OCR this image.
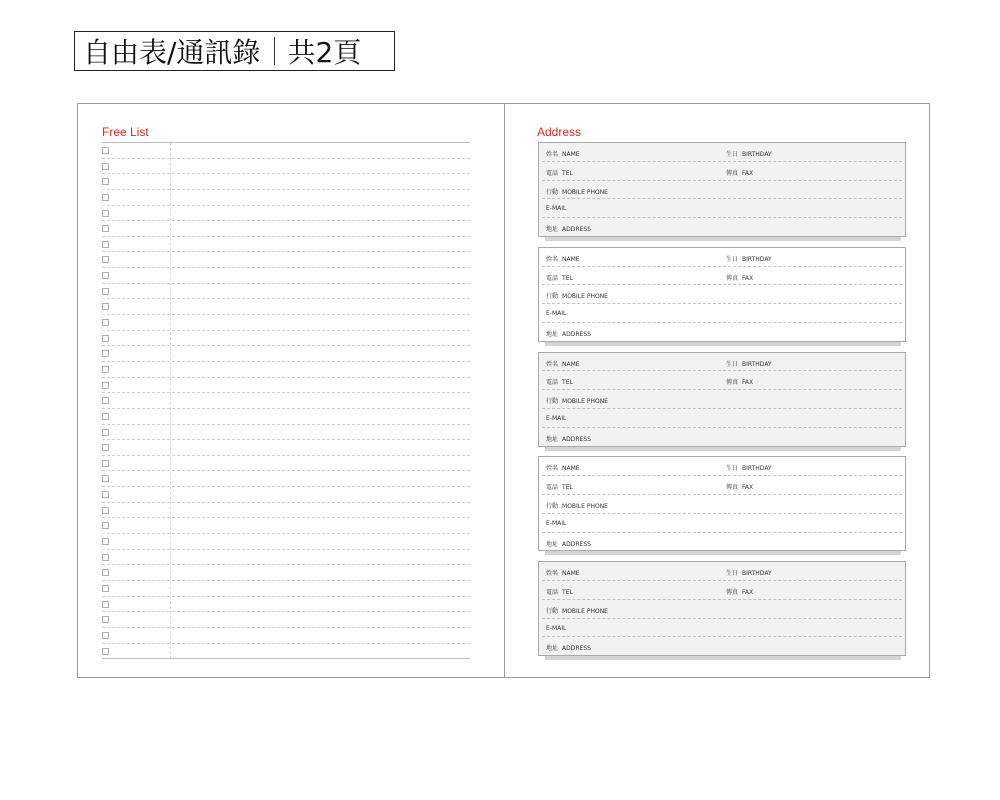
自由表/通訊錄 共2頁
Free List	Address
姓名 NAME	生日 BIRTHDAY
電話 TEL	傳真 FAX
行動 MOBILE PHONE
E-MAIL
地址 ADDRESS
姓名 NAME	生日 BIRTHDAY
電話 TEL	傳真 FAX
行動 MOBILE PHONE
E-MAIL
地址 ADDRESS
姓名 NAME	生日 BIRTHDAY
電話 TEL	傳真 FAX
行動 MOBILE PHONE
E-MAIL
地址 ADDRESS
姓名 NAME	生日 BIRTHDAY
電話 TEL	傳真 FAX
行動 MOBILE PHONE
E-MAIL
地址 ADDRESS
姓名 NAME	生日 BIRTHDAY
電話 TEL	傳真 FAX
行動 MOBILE PHONE
E-MAIL
地址 ADDRESS
